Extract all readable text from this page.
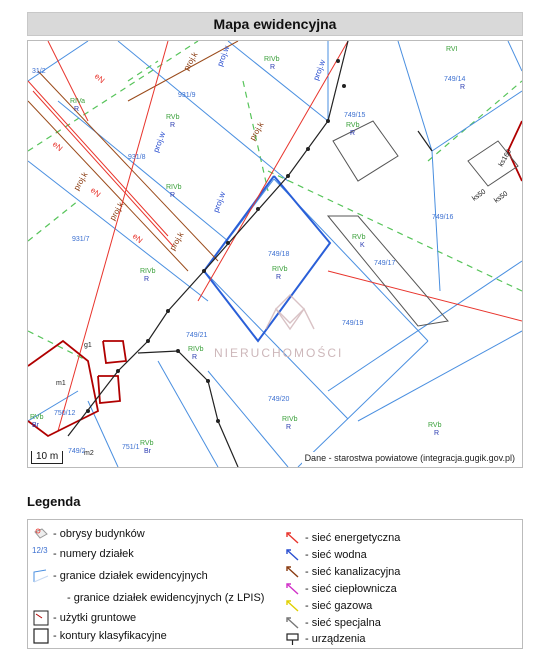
Mapa ewidencyjna
NIERUCHOMOŚCI
31/2
931/9
931/8
931/7
749/15
749/14
749/16
749/18
749/17
749/21
749/19
749/20
750/12
751/1
749/2
RVI
RIVb
RIVa
RVb
RIVb
RVb
RVb
RIVb	RIVb
RIVb
RIVb
RVb
RVb
RVb
R
R
R
R
R
R
K
R	R
R
R
R
Br
Br
m1
g1
m2
ks160
ks50 ks50
eN
eN
eN
eN
proj.w
proj.w
proj.w
proj.w
proj.k
proj.k
proj.k
proj.k
proj.k
10 m	Dane - starostwa powiatowe (integracja.gugik.gov.pl)
Legenda
- obrysy budynków
12/3 - numery działek
- granice działek ewidencyjnych
- granice działek ewidencyjnych (z LPIS)
- użytki gruntowe
- kontury klasyfikacyjne
- sieć energetyczna
- sieć wodna
- sieć kanalizacyjna
- sieć ciepłownicza
- sieć gazowa
- sieć specjalna
- urządzenia
